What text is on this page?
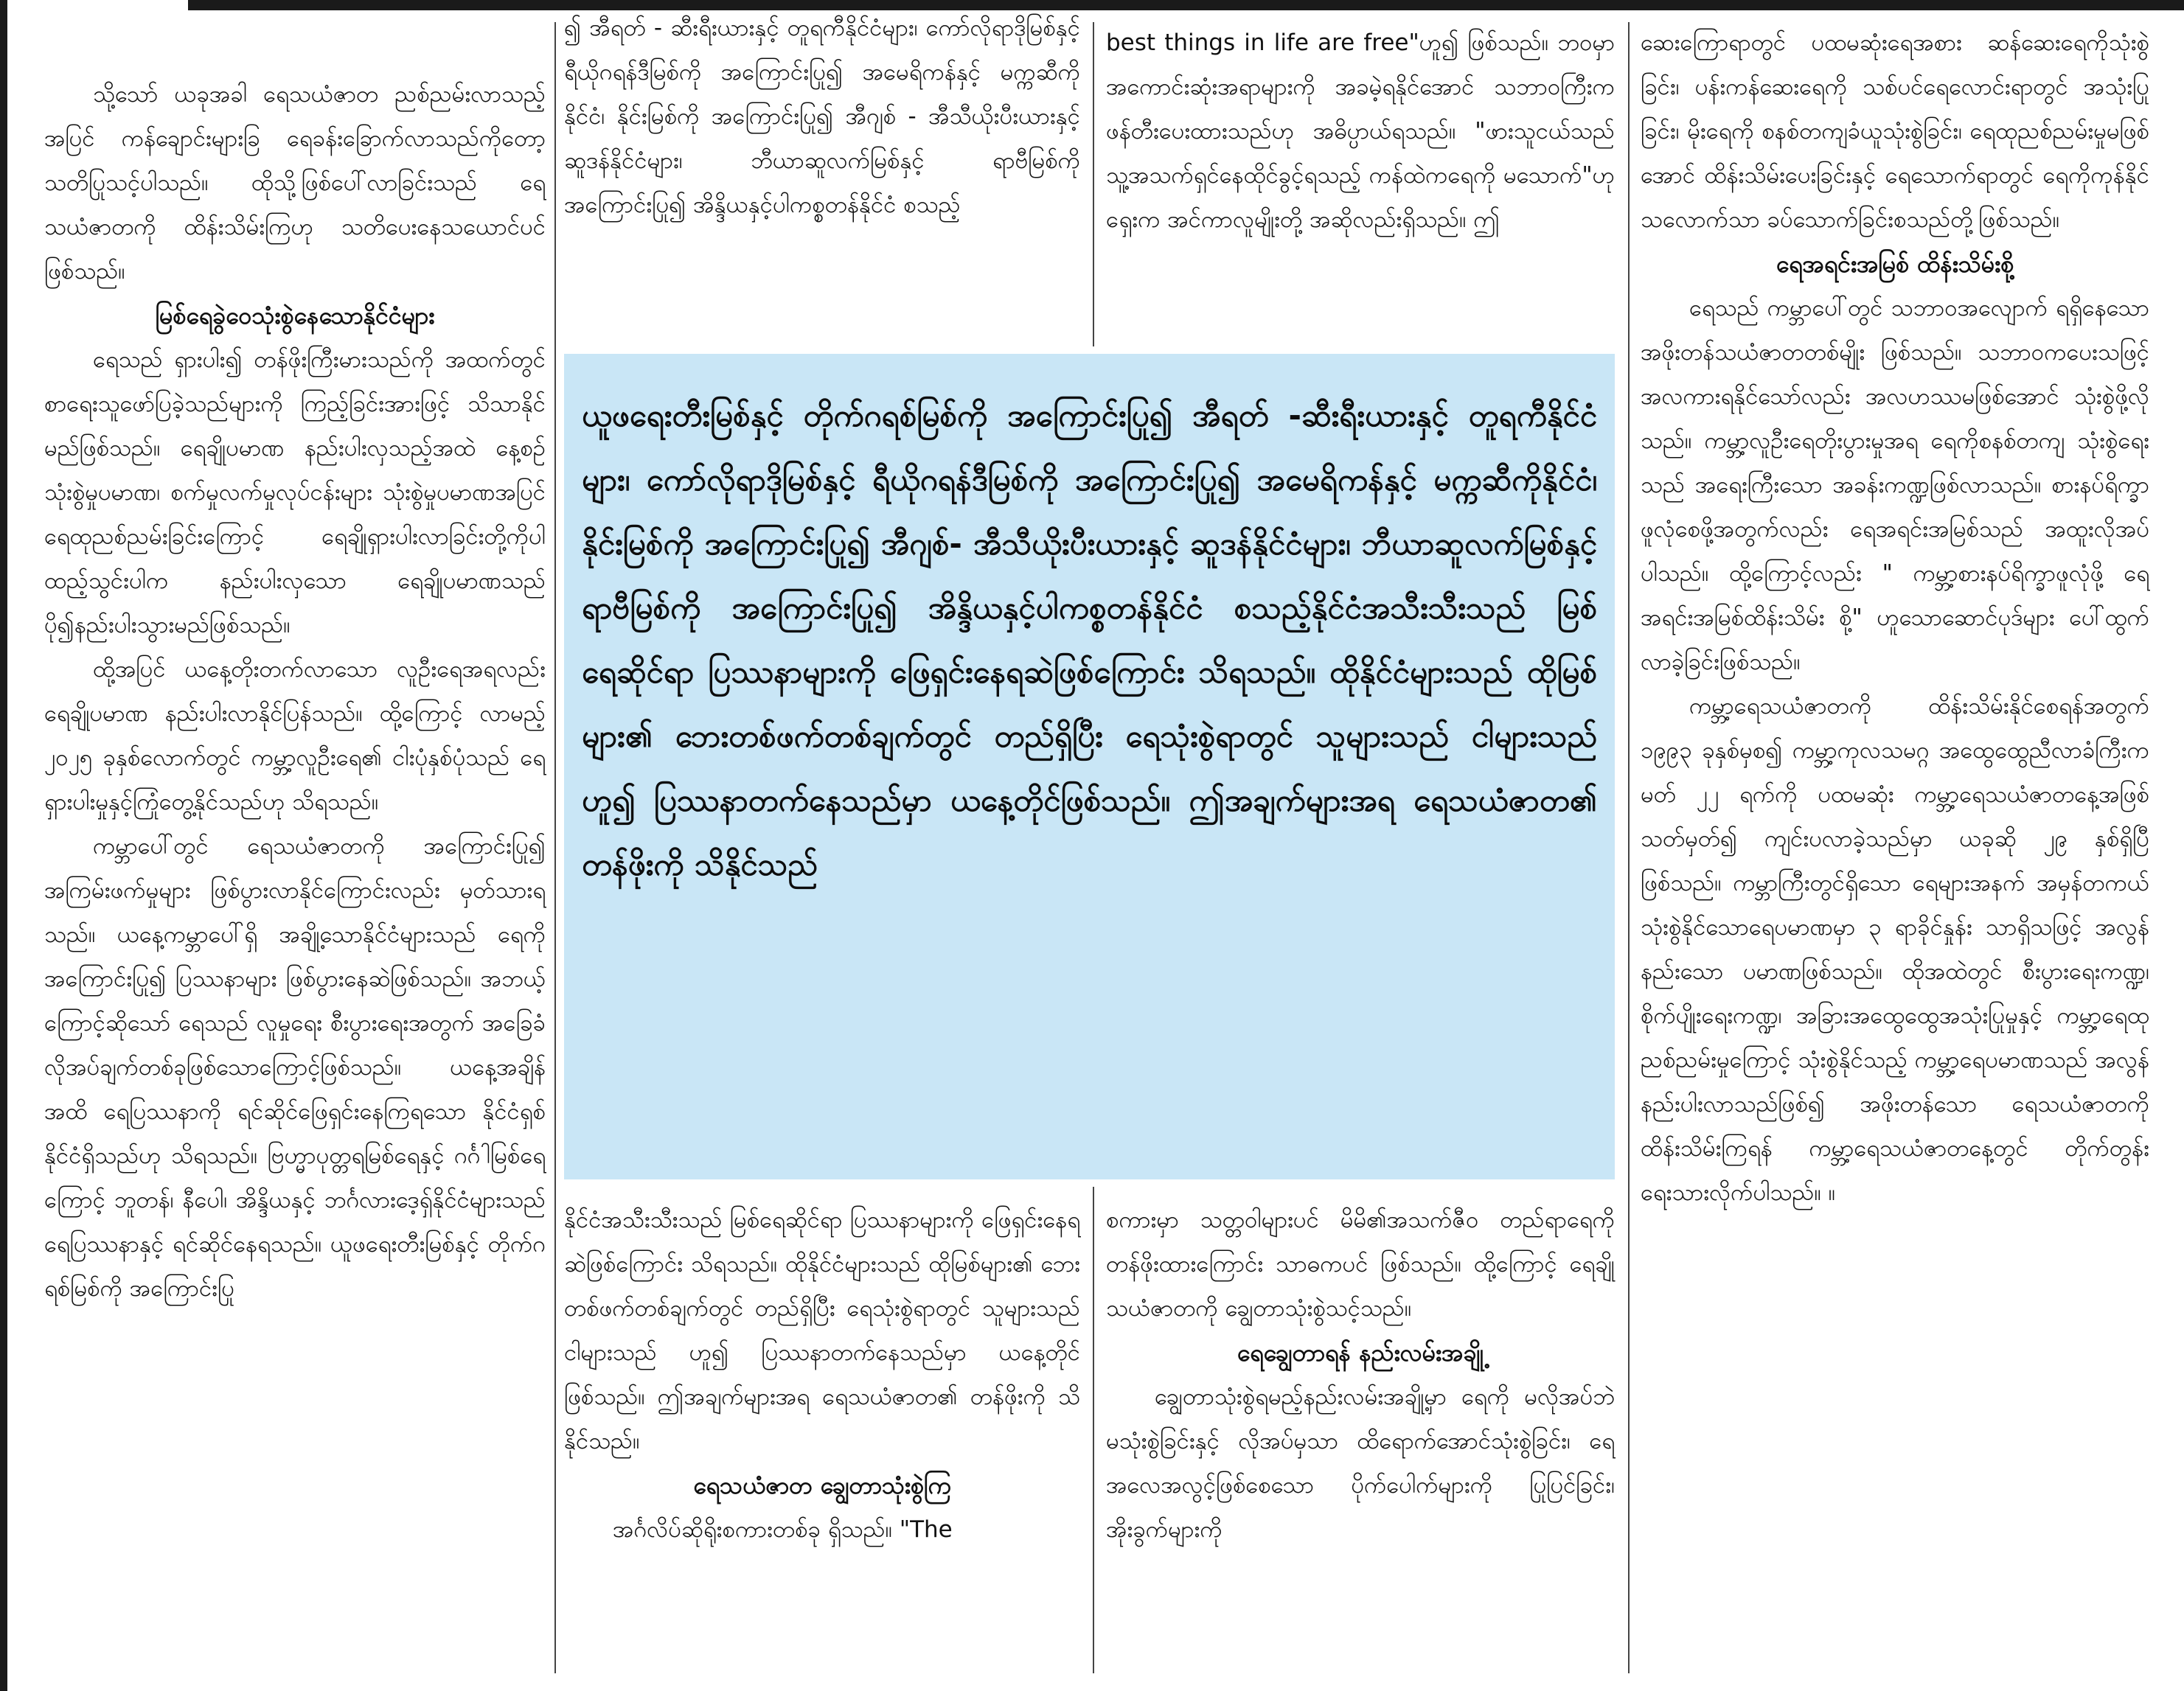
သို့သော် ယခုအခါ ရေသယံဇာတ ညစ်ညမ်းလာသည့်အပြင် ကန်ချောင်းများခြ ရေခန်းခြောက်လာသည်ကိုတော့ သတိပြုသင့်ပါသည်။ ထိုသို့ဖြစ်ပေါ်လာခြင်းသည် ရေသယံဇာတကို ထိန်းသိမ်းကြဟု သတိပေးနေသယောင်ပင် ဖြစ်သည်။

မြစ်ရေခွဲဝေသုံးစွဲနေသောနိုင်ငံများ

ရေသည် ရှားပါး၍ တန်ဖိုးကြီးမားသည်ကို အထက်တွင် စာရေးသူဖော်ပြခဲ့သည်များကို ကြည့်ခြင်းအားဖြင့် သိသာနိုင်မည်ဖြစ်သည်။ ရေချိုပမာဏ နည်းပါးလှသည့်အထဲ နေ့စဉ်သုံးစွဲမှုပမာဏ၊ စက်မှုလက်မှုလုပ်ငန်းများ သုံးစွဲမှုပမာဏအပြင် ရေထုညစ်ညမ်းခြင်းကြောင့် ရေချိုရှားပါးလာခြင်းတို့ကိုပါ ထည့်သွင်းပါက နည်းပါးလှသော ရေချိုပမာဏသည် ပို၍နည်းပါးသွားမည်ဖြစ်သည်။

ထို့အပြင် ယနေ့တိုးတက်လာသော လူဦးရေအရလည်း ရေချိုပမာဏ နည်းပါးလာနိုင်ပြန်သည်။ ထို့ကြောင့် လာမည့် ၂၀၂၅ ခုနှစ်လောက်တွင် ကမ္ဘာ့လူဦးရေ၏ ငါးပုံနှစ်ပုံသည် ရေရှားပါးမှုနှင့်ကြုံတွေ့နိုင်သည်ဟု သိရသည်။

ကမ္ဘာပေါ်တွင် ရေသယံဇာတကို အကြောင်းပြု၍ အကြမ်းဖက်မှုများ ဖြစ်ပွားလာနိုင်ကြောင်းလည်း မှတ်သားရသည်။ ယနေ့ကမ္ဘာပေါ်ရှိ အချို့သောနိုင်ငံများသည် ရေကိုအကြောင်းပြု၍ ပြဿနာများ ဖြစ်ပွားနေဆဲဖြစ်သည်။ အဘယ့်ကြောင့်ဆိုသော် ရေသည် လူမှုရေး စီးပွားရေးအတွက် အခြေခံလိုအပ်ချက်တစ်ခုဖြစ်သောကြောင့်ဖြစ်သည်။ ယနေ့အချိန်အထိ ရေပြဿနာကို ရင်ဆိုင်ဖြေရှင်းနေကြရသော နိုင်ငံရှစ်နိုင်ငံရှိသည်ဟု သိရသည်။ ဗြဟ္မာပုတ္တရမြစ်ရေနှင့် ဂင်္ဂါမြစ်ရေကြောင့် ဘူတန်၊ နီပေါ၊ အိန္ဒိယနှင့် ဘင်္ဂလားဒေ့ရှ်နိုင်ငံများသည် ရေပြဿနာနှင့် ရင်ဆိုင်နေရသည်။ ယူဖရေးတီးမြစ်နှင့် တိုက်ဂရစ်မြစ်ကို အကြောင်းပြု

၍ အီရတ် - ဆီးရီးယားနှင့် တူရကီနိုင်ငံများ၊ ကော်လိုရာဒိုမြစ်နှင့် ရီယိုဂရန်ဒီမြစ်ကို အကြောင်းပြု၍ အမေရိကန်နှင့် မက္ကဆီကိုနိုင်ငံ၊ နိုင်းမြစ်ကို အကြောင်းပြု၍ အီဂျစ် - အီသီယိုးပီးယားနှင့် ဆူဒန်နိုင်ငံများ၊ ဘီယာဆူလက်မြစ်နှင့် ရာဗီမြစ်ကို အကြောင်းပြု၍ အိန္ဒိယနှင့်ပါကစ္စတန်နိုင်ငံ စသည့်

best things in life are free"ဟူ၍ ဖြစ်သည်။ ဘဝမှာ အကောင်းဆုံးအရာများကို အခမဲ့ရနိုင်အောင် သဘာဝကြီးက ဖန်တီးပေးထားသည်ဟု အဓိပ္ပာယ်ရသည်။ "ဖားသူငယ်သည် သူ့အသက်ရှင်နေထိုင်ခွင့်ရသည့် ကန်ထဲကရေကို မသောက်"ဟု ရှေးက အင်ကာလူမျိုးတို့ အဆိုလည်းရှိသည်။ ဤ

ဆေးကြောရာတွင် ပထမဆုံးရေအစား ဆန်ဆေးရေကိုသုံးစွဲခြင်း၊ ပန်းကန်ဆေးရေကို သစ်ပင်ရေလောင်းရာတွင် အသုံးပြုခြင်း၊ မိုးရေကို စနစ်တကျခံယူသုံးစွဲခြင်း၊ ရေထုညစ်ညမ်းမှုမဖြစ်အောင် ထိန်းသိမ်းပေးခြင်းနှင့် ရေသောက်ရာတွင် ရေကိုကုန်နိုင်သလောက်သာ ခပ်သောက်ခြင်းစသည်တို့ဖြစ်သည်။

ရေအရင်းအမြစ် ထိန်းသိမ်းစို့

ရေသည် ကမ္ဘာပေါ်တွင် သဘာဝအလျောက် ရရှိနေသော အဖိုးတန်သယံဇာတတစ်မျိုး ဖြစ်သည်။ သဘာဝကပေးသဖြင့် အလကားရနိုင်သော်လည်း အလဟဿမဖြစ်အောင် သုံးစွဲဖို့လိုသည်။ ကမ္ဘာ့လူဦးရေတိုးပွားမှုအရ ရေကိုစနစ်တကျ သုံးစွဲရေးသည် အရေးကြီးသော အခန်းကဏ္ဍဖြစ်လာသည်။ စားနပ်ရိက္ခာဖူလုံစေဖို့အတွက်လည်း ရေအရင်းအမြစ်သည် အထူးလိုအပ်ပါသည်။ ထို့ကြောင့်လည်း " ကမ္ဘာ့စားနပ်ရိက္ခာဖူလုံဖို့ ရေအရင်းအမြစ်ထိန်းသိမ်း စို့" ဟူသောဆောင်ပုဒ်များ ပေါ်ထွက်လာခဲ့ခြင်းဖြစ်သည်။

ကမ္ဘာ့ရေသယံဇာတကို ထိန်းသိမ်းနိုင်စေရန်အတွက် ၁၉၉၃ ခုနှစ်မှစ၍ ကမ္ဘာ့ကုလသမဂ္ဂ အထွေထွေညီလာခံကြီးက မတ် ၂၂ ရက်ကို ပထမဆုံး ကမ္ဘာ့ရေသယံဇာတနေ့အဖြစ် သတ်မှတ်၍ ကျင်းပလာခဲ့သည်မှာ ယခုဆို ၂၉ နှစ်ရှိပြီ ဖြစ်သည်။ ကမ္ဘာကြီးတွင်ရှိသော ရေများအနက် အမှန်တကယ်သုံးစွဲနိုင်သောရေပမာဏမှာ ၃ ရာခိုင်နှုန်း သာရှိသဖြင့် အလွန်နည်းသော ပမာဏဖြစ်သည်။ ထိုအထဲတွင် စီးပွားရေးကဏ္ဍ၊ စိုက်ပျိုးရေးကဏ္ဍ၊ အခြားအထွေထွေအသုံးပြုမှုနှင့် ကမ္ဘာ့ရေထုညစ်ညမ်းမှုကြောင့် သုံးစွဲနိုင်သည့် ကမ္ဘာ့ရေပမာဏသည် အလွန်နည်းပါးလာသည်ဖြစ်၍ အဖိုးတန်သော ရေသယံဇာတကို ထိန်းသိမ်းကြရန် ကမ္ဘာ့ရေသယံဇာတနေ့တွင် တိုက်တွန်းရေးသားလိုက်ပါသည်။ ။

ယူဖရေးတီးမြစ်နှင့် တိုက်ဂရစ်မြစ်ကို အကြောင်းပြု၍ အီရတ် -ဆီးရီးယားနှင့် တူရကီနိုင်ငံများ၊ ကော်လိုရာဒိုမြစ်နှင့် ရီယိုဂရန်ဒီမြစ်ကို အကြောင်းပြု၍ အမေရိကန်နှင့် မက္ကဆီကိုနိုင်ငံ၊ နိုင်းမြစ်ကို အကြောင်းပြု၍ အီဂျစ်- အီသီယိုးပီးယားနှင့် ဆူဒန်နိုင်ငံများ၊ ဘီယာဆူလက်မြစ်နှင့် ရာဗီမြစ်ကို အကြောင်းပြု၍ အိန္ဒိယနှင့်ပါကစ္စတန်နိုင်ငံ စသည့်နိုင်ငံအသီးသီးသည် မြစ်ရေဆိုင်ရာ ပြဿနာများကို ဖြေရှင်းနေရဆဲဖြစ်ကြောင်း သိရသည်။ ထိုနိုင်ငံများသည် ထိုမြစ်များ၏ ဘေးတစ်ဖက်တစ်ချက်တွင် တည်ရှိပြီး ရေသုံးစွဲရာတွင် သူများသည် ငါများသည် ဟူ၍ ပြဿနာတက်နေသည်မှာ ယနေ့တိုင်ဖြစ်သည်။ ဤအချက်များအရ ရေသယံဇာတ၏ တန်ဖိုးကို သိနိုင်သည်

နိုင်ငံအသီးသီးသည် မြစ်ရေဆိုင်ရာ ပြဿနာများကို ဖြေရှင်းနေရဆဲဖြစ်ကြောင်း သိရသည်။ ထိုနိုင်ငံများသည် ထိုမြစ်များ၏ ဘေးတစ်ဖက်တစ်ချက်တွင် တည်ရှိပြီး ရေသုံးစွဲရာတွင် သူများသည် ငါများသည် ဟူ၍ ပြဿနာတက်နေသည်မှာ ယနေ့တိုင်ဖြစ်သည်။ ဤအချက်များအရ ရေသယံဇာတ၏ တန်ဖိုးကို သိနိုင်သည်။

ရေသယံဇာတ ချွေတာသုံးစွဲကြ

အင်္ဂလိပ်ဆိုရိုးစကားတစ်ခု ရှိသည်။ "The

စကားမှာ သတ္တဝါများပင် မိမိ၏အသက်ဇီဝ တည်ရာရေကို တန်ဖိုးထားကြောင်း သာဓကပင် ဖြစ်သည်။ ထို့ကြောင့် ရေချိုသယံဇာတကို ချွေတာသုံးစွဲသင့်သည်။

ရေချွေတာရန် နည်းလမ်းအချို့

ချွေတာသုံးစွဲရမည့်နည်းလမ်းအချို့မှာ ရေကို မလိုအပ်ဘဲ မသုံးစွဲခြင်းနှင့် လိုအပ်မှသာ ထိရောက်အောင်သုံးစွဲခြင်း၊ ရေအလေအလွင့်ဖြစ်စေသော ပိုက်ပေါက်များကို ပြုပြင်ခြင်း၊ အိုးခွက်များကို
